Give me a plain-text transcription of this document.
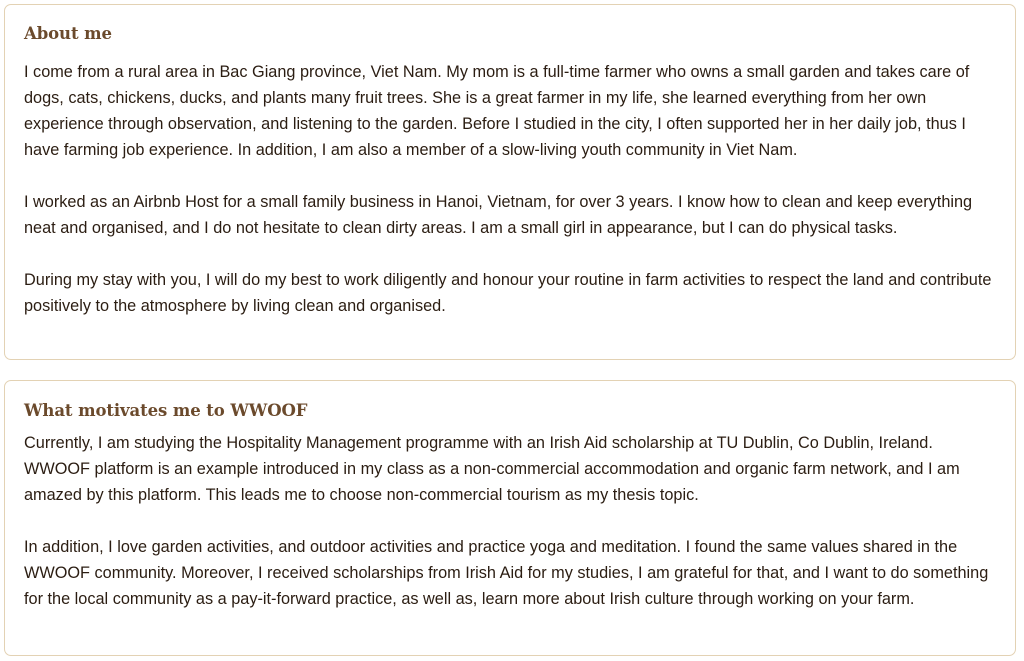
About me

I come from a rural area in Bac Giang province, Viet Nam. My mom is a full-time farmer who owns a small garden and takes care of dogs, cats, chickens, ducks, and plants many fruit trees. She is a great farmer in my life, she learned everything from her own experience through observation, and listening to the garden. Before I studied in the city, I often supported her in her daily job, thus I have farming job experience. In addition, I am also a member of a slow-living youth community in Viet Nam.

I worked as an Airbnb Host for a small family business in Hanoi, Vietnam, for over 3 years. I know how to clean and keep everything neat and organised, and I do not hesitate to clean dirty areas. I am a small girl in appearance, but I can do physical tasks.

During my stay with you, I will do my best to work diligently and honour your routine in farm activities to respect the land and contribute positively to the atmosphere by living clean and organised.

What motivates me to WWOOF

Currently, I am studying the Hospitality Management programme with an Irish Aid scholarship at TU Dublin, Co Dublin, Ireland. WWOOF platform is an example introduced in my class as a non-commercial accommodation and organic farm network, and I am amazed by this platform. This leads me to choose non-commercial tourism as my thesis topic.

In addition, I love garden activities, and outdoor activities and practice yoga and meditation. I found the same values shared in the WWOOF community. Moreover, I received scholarships from Irish Aid for my studies, I am grateful for that, and I want to do something for the local community as a pay-it-forward practice, as well as, learn more about Irish culture through working on your farm.
